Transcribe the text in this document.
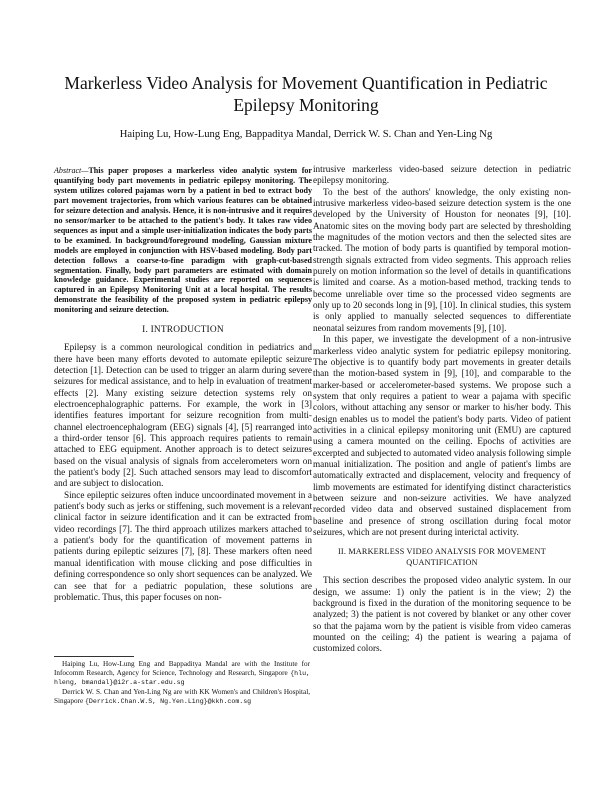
Markerless Video Analysis for Movement Quantification in Pediatric Epilepsy Monitoring
Haiping Lu, How-Lung Eng, Bappaditya Mandal, Derrick W. S. Chan and Yen-Ling Ng
Abstract—This paper proposes a markerless video analytic system for quantifying body part movements in pediatric epilepsy monitoring. The system utilizes colored pajamas worn by a patient in bed to extract body part movement trajectories, from which various features can be obtained for seizure detection and analysis. Hence, it is non-intrusive and it requires no sensor/marker to be attached to the patient's body. It takes raw video sequences as input and a simple user-initialization indicates the body parts to be examined. In background/foreground modeling, Gaussian mixture models are employed in conjunction with HSV-based modeling. Body part detection follows a coarse-to-fine paradigm with graph-cut-based segmentation. Finally, body part parameters are estimated with domain knowledge guidance. Experimental studies are reported on sequences captured in an Epilepsy Monitoring Unit at a local hospital. The results demonstrate the feasibility of the proposed system in pediatric epilepsy monitoring and seizure detection.
I. INTRODUCTION

Epilepsy is a common neurological condition in pediatrics and there have been many efforts devoted to automate epileptic seizure detection [1]. Detection can be used to trigger an alarm during severe seizures for medical assistance, and to help in evaluation of treatment effects [2]. Many existing seizure detection systems rely on electroencephalographic patterns. For example, the work in [3] identifies features important for seizure recognition from multi-channel electroencephalogram (EEG) signals [4], [5] rearranged into a third-order tensor [6]. This approach requires patients to remain attached to EEG equipment. Another approach is to detect seizures based on the visual analysis of signals from accelerometers worn on the patient's body [2]. Such attached sensors may lead to discomfort and are subject to dislocation.

Since epileptic seizures often induce uncoordinated movement in a patient's body such as jerks or stiffening, such movement is a relevant clinical factor in seizure identification and it can be extracted from video recordings [7]. The third approach utilizes markers attached to a patient's body for the quantification of movement patterns in patients during epileptic seizures [7], [8]. These markers often need manual identification with mouse clicking and pose difficulties in defining correspondence so only short sequences can be analyzed. We can see that for a pediatric population, these solutions are problematic. Thus, this paper focuses on non-

intrusive markerless video-based seizure detection in pediatric epilepsy monitoring.

To the best of the authors' knowledge, the only existing non-intrusive markerless video-based seizure detection system is the one developed by the University of Houston for neonates [9], [10]. Anatomic sites on the moving body part are selected by thresholding the magnitudes of the motion vectors and then the selected sites are tracked. The motion of body parts is quantified by temporal motion-strength signals extracted from video segments. This approach relies purely on motion information so the level of details in quantifications is limited and coarse. As a motion-based method, tracking tends to become unreliable over time so the processed video segments are only up to 20 seconds long in [9], [10]. In clinical studies, this system is only applied to manually selected sequences to differentiate neonatal seizures from random movements [9], [10].

In this paper, we investigate the development of a non-intrusive markerless video analytic system for pediatric epilepsy monitoring. The objective is to quantify body part movements in greater details than the motion-based system in [9], [10], and comparable to the marker-based or accelerometer-based systems. We propose such a system that only requires a patient to wear a pajama with specific colors, without attaching any sensor or marker to his/her body. This design enables us to model the patient's body parts. Video of patient activities in a clinical epilepsy monitoring unit (EMU) are captured using a camera mounted on the ceiling. Epochs of activities are excerpted and subjected to automated video analysis following simple manual initialization. The position and angle of patient's limbs are automatically extracted and displacement, velocity and frequency of limb movements are estimated for identifying distinct characteristics between seizure and non-seizure activities. We have analyzed recorded video data and observed sustained displacement from baseline and presence of strong oscillation during focal motor seizures, which are not present during interictal activity.

II. MARKERLESS VIDEO ANALYSIS FOR MOVEMENT
QUANTIFICATION

This section describes the proposed video analytic system. In our design, we assume: 1) only the patient is in the view; 2) the background is fixed in the duration of the monitoring sequence to be analyzed; 3) the patient is not covered by blanket or any other cover so that the pajama worn by the patient is visible from video cameras mounted on the ceiling; 4) the patient is wearing a pajama of customized colors.

Haiping Lu, How-Lung Eng and Bappaditya Mandal are with the Institute for Infocomm Research, Agency for Science, Technology and Research, Singapore {hlu, hleng, bmandal}@i2r.a-star.edu.sg

Derrick W. S. Chan and Yen-Ling Ng are with KK Women's and Children's Hospital, Singapore {Derrick.Chan.W.S, Ng.Yen.Ling}@kkh.com.sg
